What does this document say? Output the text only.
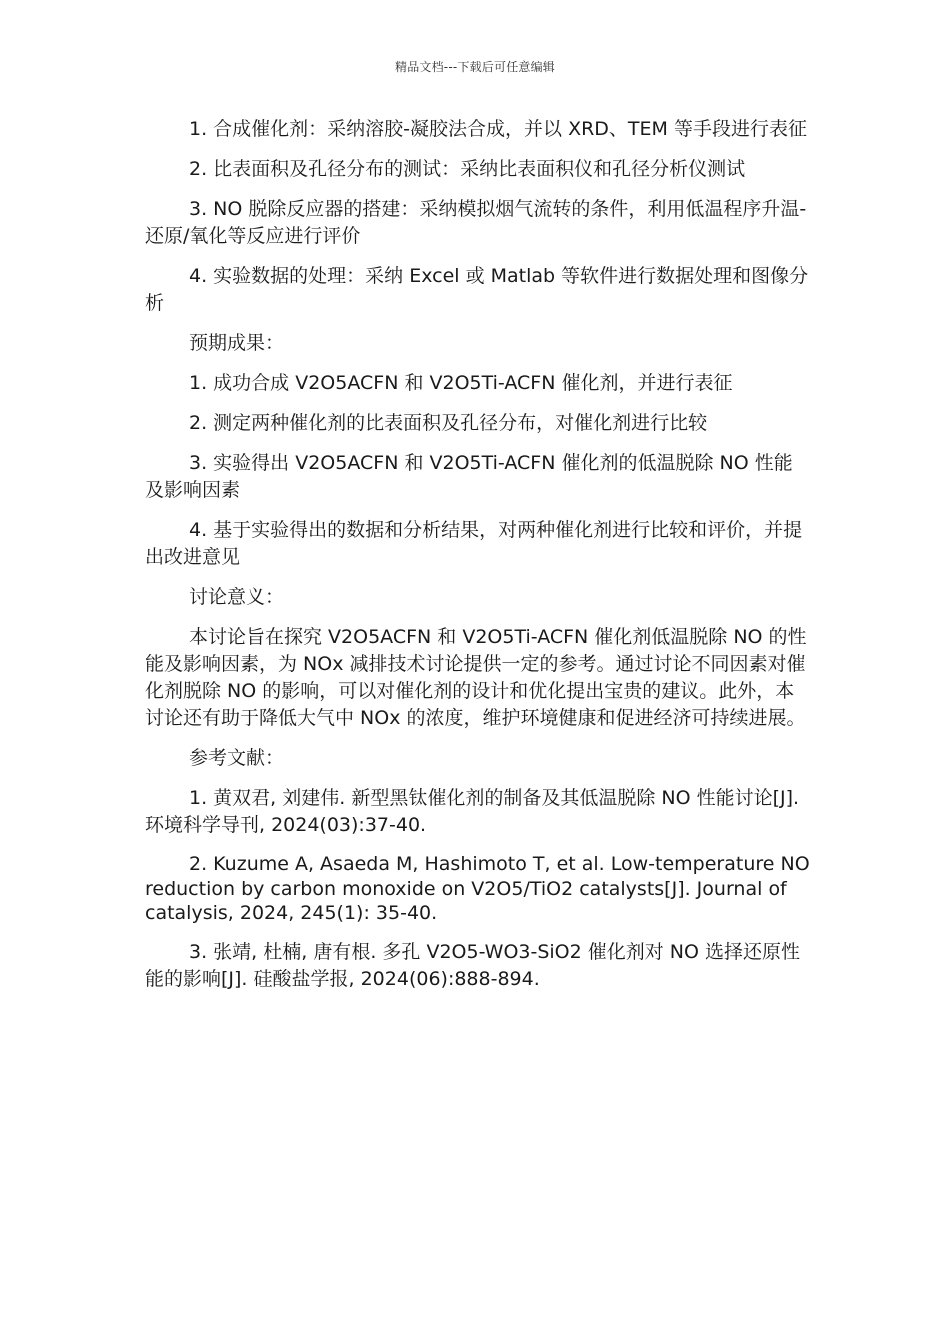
精品文档---下载后可任意编辑

1. 合成催化剂：采纳溶胶-凝胶法合成，并以 XRD、TEM 等手段进行表征

2. 比表面积及孔径分布的测试：采纳比表面积仪和孔径分析仪测试

3. NO 脱除反应器的搭建：采纳模拟烟气流转的条件，利用低温程序升温-还原/氧化等反应进行评价

4. 实验数据的处理：采纳 Excel 或 Matlab 等软件进行数据处理和图像分析

预期成果：

1. 成功合成 V2O5ACFN 和 V2O5Ti-ACFN 催化剂，并进行表征

2. 测定两种催化剂的比表面积及孔径分布，对催化剂进行比较

3. 实验得出 V2O5ACFN 和 V2O5Ti-ACFN 催化剂的低温脱除 NO 性能及影响因素

4. 基于实验得出的数据和分析结果，对两种催化剂进行比较和评价，并提出改进意见

讨论意义：

本讨论旨在探究 V2O5ACFN 和 V2O5Ti-ACFN 催化剂低温脱除 NO 的性能及影响因素，为 NOx 减排技术讨论提供一定的参考。通过讨论不同因素对催化剂脱除 NO 的影响，可以对催化剂的设计和优化提出宝贵的建议。此外，本讨论还有助于降低大气中 NOx 的浓度，维护环境健康和促进经济可持续进展。

参考文献：

1. 黄双君, 刘建伟. 新型黑钛催化剂的制备及其低温脱除 NO 性能讨论[J]. 环境科学导刊, 2024(03):37-40.

2. Kuzume A, Asaeda M, Hashimoto T, et al. Low-temperature NO reduction by carbon monoxide on V2O5/TiO2 catalysts[J]. Journal of catalysis, 2024, 245(1): 35-40.

3. 张靖, 杜楠, 唐有根. 多孔 V2O5-WO3-SiO2 催化剂对 NO 选择还原性能的影响[J]. 硅酸盐学报, 2024(06):888-894.
